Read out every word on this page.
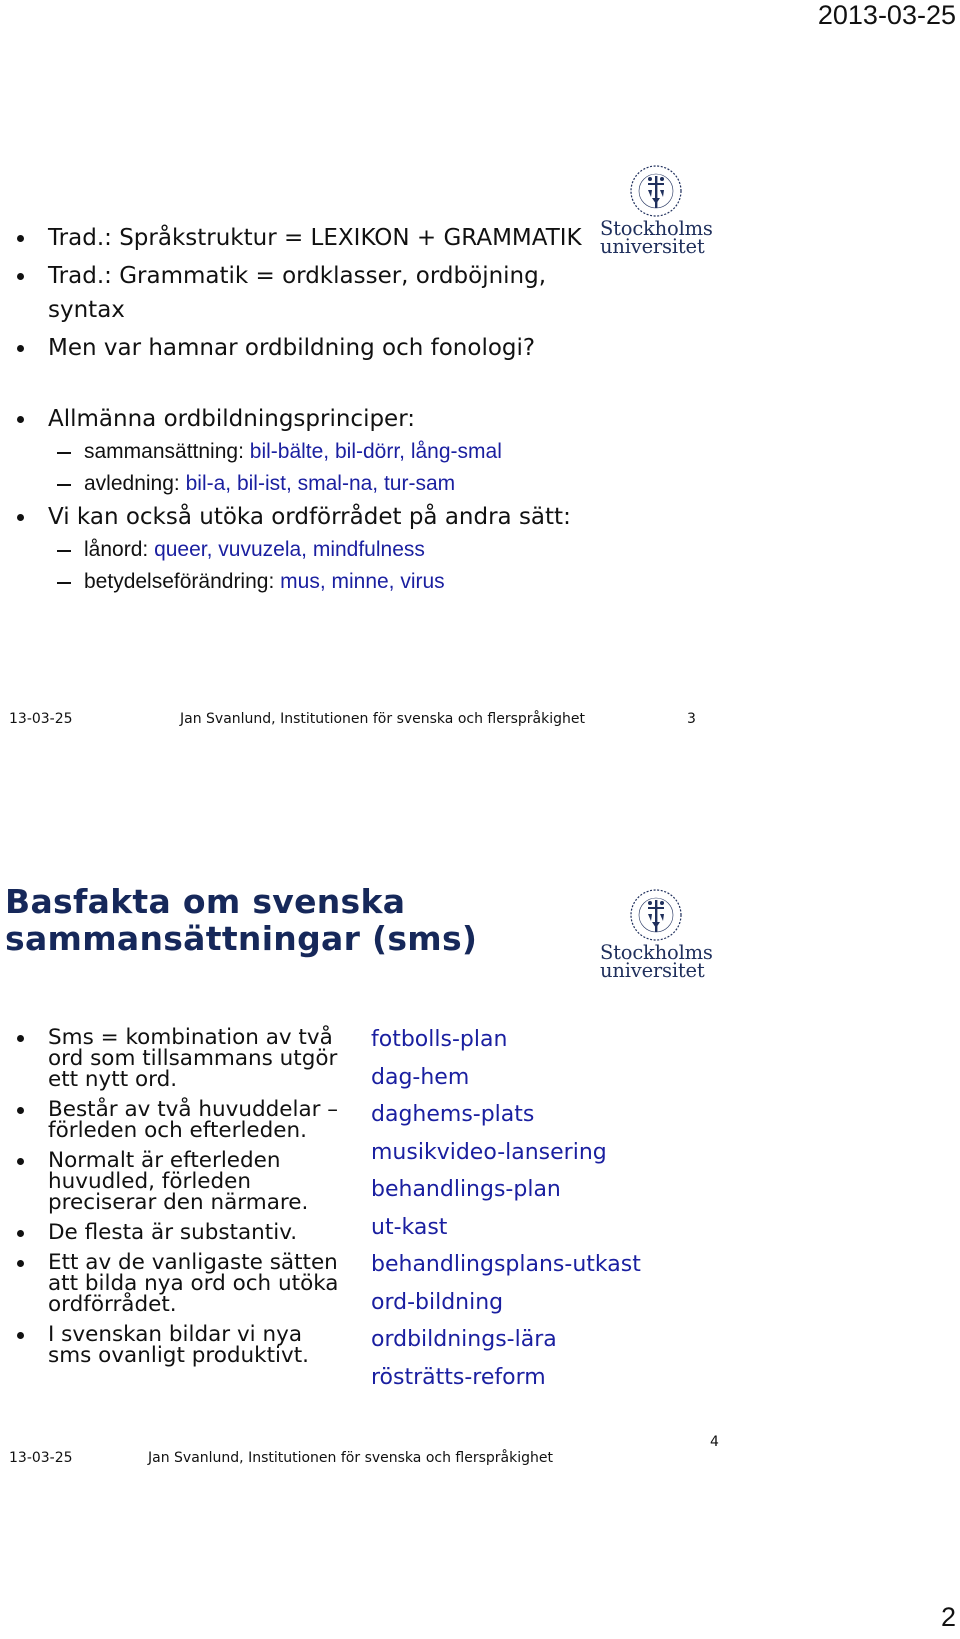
2013-03-25
Stockholms
universitet
Trad.: Språkstruktur = LEXIKON + GRAMMATIK
Trad.: Grammatik = ordklasser, ordböjning, syntax
Men var hamnar ordbildning och fonologi?
Allmänna ordbildningsprinciper:
sammansättning: bil-bälte, bil-dörr, lång-smal
avledning: bil-a, bil-ist, smal-na, tur-sam
Vi kan också utöka ordförrådet på andra sätt:
lånord: queer, vuvuzela, mindfulness
betydelseförändring: mus, minne, virus
13-03-25	Jan Svanlund, Institutionen för svenska och flerspråkighet	3
Stockholms
universitet
Basfakta om svenska
sammansättningar (sms)
Sms = kombination av två ord som tillsammans utgör ett nytt ord.
Består av två huvuddelar – förleden och efterleden.
Normalt är efterleden huvudled, förleden preciserar den närmare.
De flesta är substantiv.
Ett av de vanligaste sätten att bilda nya ord och utöka ordförrådet.
I svenskan bildar vi nya sms ovanligt produktivt.
fotbolls-plan
dag-hem
daghems-plats
musikvideo-lansering
behandlings-plan
ut-kast
behandlingsplans-utkast
ord-bildning
ordbildnings-lära
rösträtts-reform
13-03-25	Jan Svanlund, Institutionen för svenska och flerspråkighet
4
2
